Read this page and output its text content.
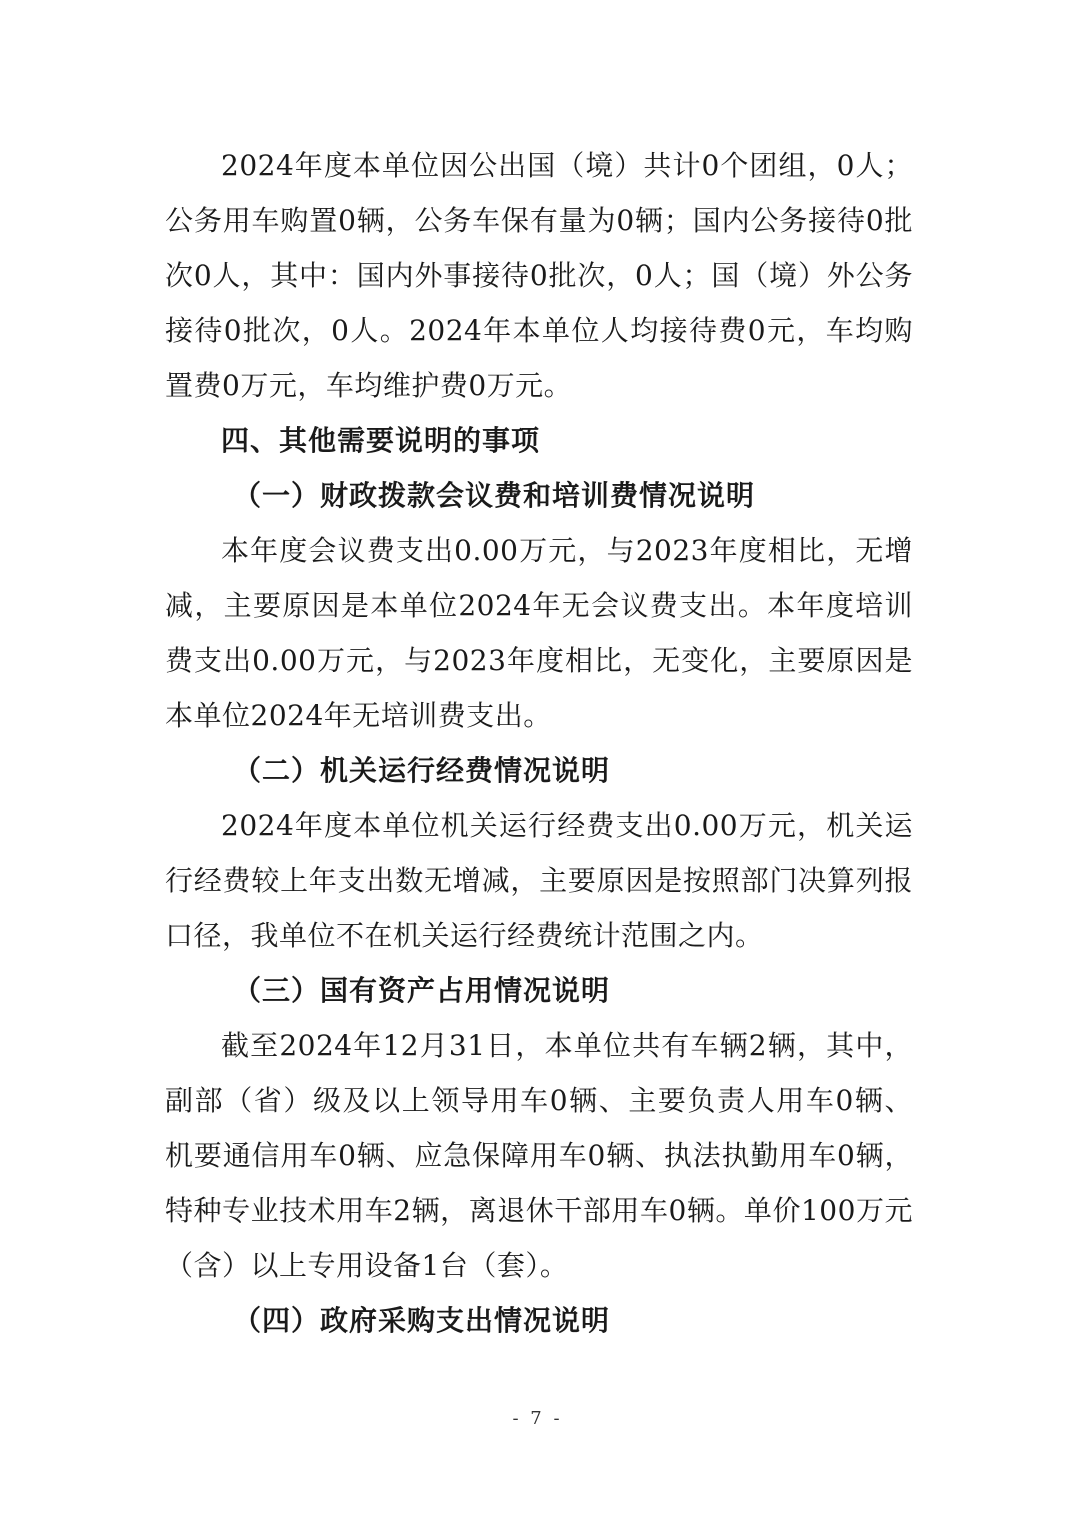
2024年度本单位因公出国（境）共计0个团组，0人；公务用车购置0辆，公务车保有量为0辆；国内公务接待0批次0人，其中：国内外事接待0批次，0人；国（境）外公务接待0批次，0人。2024年本单位人均接待费0元，车均购置费0万元，车均维护费0万元。

四、其他需要说明的事项

（一）财政拨款会议费和培训费情况说明

本年度会议费支出0.00万元，与2023年度相比，无增减，主要原因是本单位2024年无会议费支出。本年度培训费支出0.00万元，与2023年度相比，无变化，主要原因是本单位2024年无培训费支出。

（二）机关运行经费情况说明

2024年度本单位机关运行经费支出0.00万元，机关运行经费较上年支出数无增减，主要原因是按照部门决算列报口径，我单位不在机关运行经费统计范围之内。

（三）国有资产占用情况说明

截至2024年12月31日，本单位共有车辆2辆，其中，副部（省）级及以上领导用车0辆、主要负责人用车0辆、机要通信用车0辆、应急保障用车0辆、执法执勤用车0辆，特种专业技术用车2辆，离退休干部用车0辆。单价100万元（含）以上专用设备1台（套）。

（四）政府采购支出情况说明

- 7 -
